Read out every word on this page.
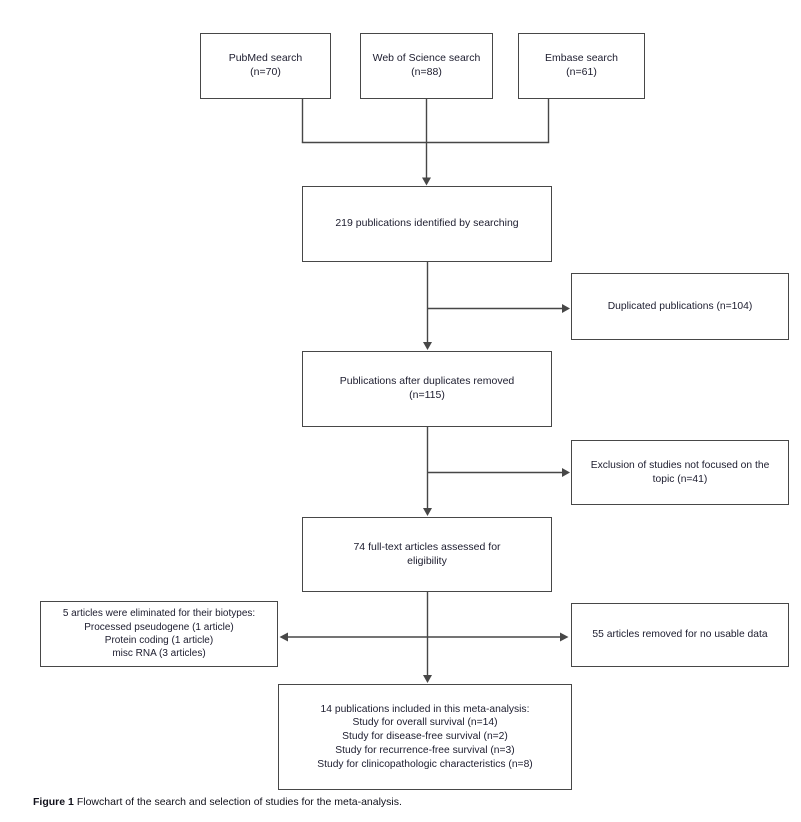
PubMed search
(n=70)
Web of Science search
(n=88)
Embase search
(n=61)
219 publications identified by searching
Duplicated publications (n=104)
Publications after duplicates removed
(n=115)
Exclusion of studies not focused on the
topic (n=41)
74 full-text articles assessed for
eligibility
5 articles were eliminated for their biotypes:
Processed pseudogene (1 article)
Protein coding (1 article)
misc RNA (3 articles)
55 articles removed for no usable data
14 publications included in this meta-analysis:
Study for overall survival (n=14)
Study for disease-free survival (n=2)
Study for recurrence-free survival (n=3)
Study for clinicopathologic characteristics (n=8)
Figure 1 Flowchart of the search and selection of studies for the meta-analysis.
